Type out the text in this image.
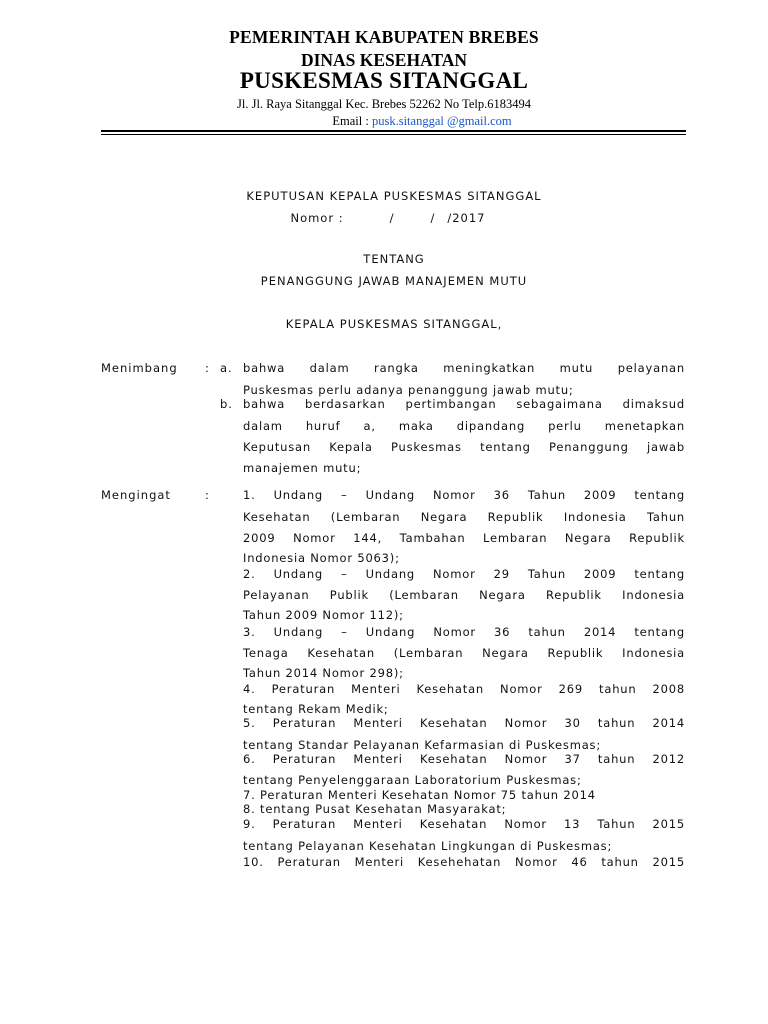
PEMERINTAH KABUPATEN BREBES
DINAS KESEHATAN
PUSKESMAS SITANGGAL
Jl. Jl. Raya Sitanggal Kec. Brebes 52262 No Telp.6183494
Email : pusk.sitanggal @gmail.com
KEPUTUSAN KEPALA PUSKESMAS SITANGGAL
Nomor :	/	/ /2017
TENTANG
PENANGGUNG JAWAB MANAJEMEN MUTU
KEPALA PUSKESMAS SITANGGAL,
Menimbang : a. bahwa dalam rangka meningkatkan mutu pelayanan
Puskesmas perlu adanya penanggung jawab mutu;
b. bahwa berdasarkan pertimbangan sebagaimana dimaksud
dalam huruf a, maka dipandang perlu menetapkan
Keputusan Kepala Puskesmas tentang Penanggung jawab
manajemen mutu;
Mengingat	:	1. Undang – Undang Nomor 36 Tahun 2009 tentang
Kesehatan (Lembaran Negara Republik Indonesia Tahun
2009 Nomor 144, Tambahan Lembaran Negara Republik
Indonesia Nomor 5063);
2. Undang – Undang Nomor 29 Tahun 2009 tentang
Pelayanan Publik (Lembaran Negara Republik Indonesia
Tahun 2009 Nomor 112);
3. Undang – Undang Nomor 36 tahun 2014 tentang
Tenaga Kesehatan (Lembaran Negara Republik Indonesia
Tahun 2014 Nomor 298);
4. Peraturan Menteri Kesehatan Nomor 269 tahun 2008
tentang Rekam Medik;
5. Peraturan Menteri Kesehatan Nomor 30 tahun 2014
tentang Standar Pelayanan Kefarmasian di Puskesmas;
6. Peraturan Menteri Kesehatan Nomor 37 tahun 2012
tentang Penyelenggaraan Laboratorium Puskesmas;
7. Peraturan Menteri Kesehatan Nomor 75 tahun 2014
8. tentang Pusat Kesehatan Masyarakat;
9. Peraturan Menteri Kesehatan Nomor 13 Tahun 2015
tentang Pelayanan Kesehatan Lingkungan di Puskesmas;
10. Peraturan Menteri Kesehehatan Nomor 46 tahun 2015
